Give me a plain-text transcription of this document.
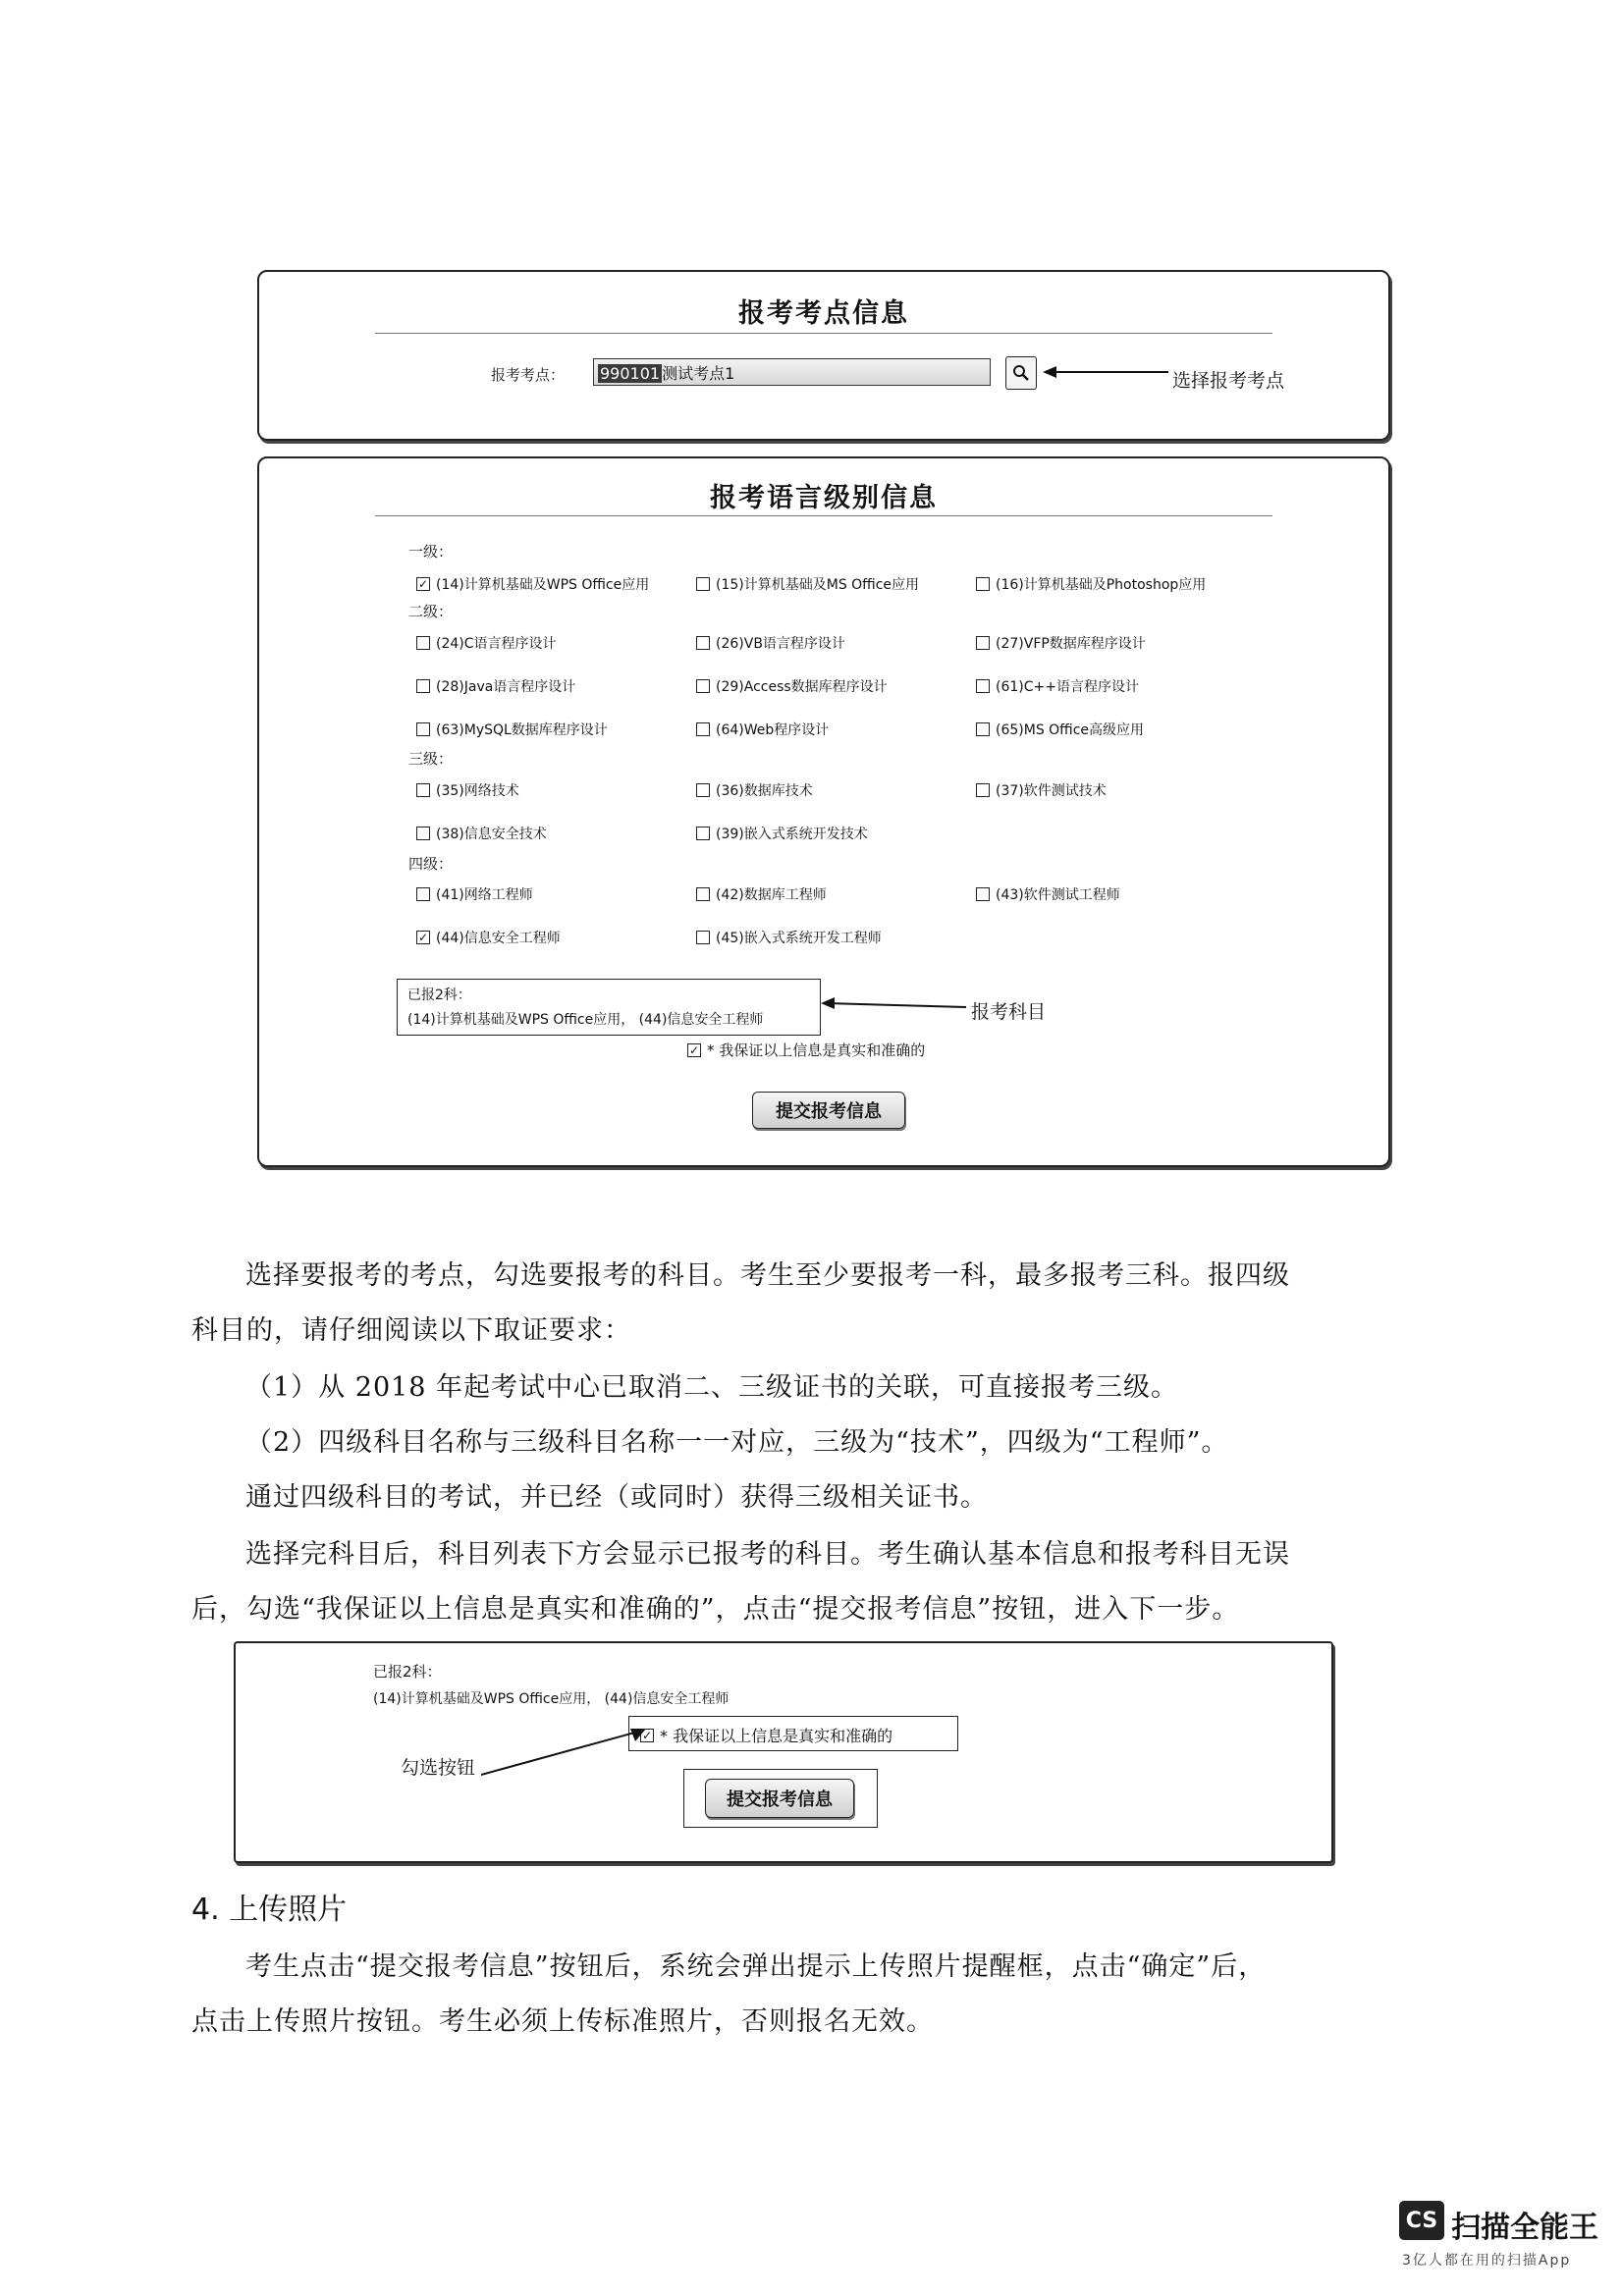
报考考点信息
报考考点：	990101 测试考点1	选择报考考点
报考语言级别信息
一级：
二级：
三级：
四级：
✓
(14)计算机基础及WPS Office应用	(15)计算机基础及MS Office应用	(16)计算机基础及Photoshop应用
(24)C语言程序设计	(26)VB语言程序设计	(27)VFP数据库程序设计
(28)Java语言程序设计	(29)Access数据库程序设计	(61)C++语言程序设计
(63)MySQL数据库程序设计	(64)Web程序设计	(65)MS Office高级应用
(35)网络技术	(36)数据库技术	(37)软件测试技术
(38)信息安全技术	(39)嵌入式系统开发技术
(41)网络工程师	(42)数据库工程师	(43)软件测试工程师
✓
(44)信息安全工程师	(45)嵌入式系统开发工程师
已报2科：
(14)计算机基础及WPS Office应用， (44)信息安全工程师	报考科目
✓
* 我保证以上信息是真实和准确的
提交报考信息
选择要报考的考点，勾选要报考的科目。考生至少要报考一科，最多报考三科。报四级
科目的，请仔细阅读以下取证要求：
（1）从 2018 年起考试中心已取消二、三级证书的关联，可直接报考三级。
（2）四级科目名称与三级科目名称一一对应，三级为“技术”，四级为“工程师”。
通过四级科目的考试，并已经（或同时）获得三级相关证书。
选择完科目后，科目列表下方会显示已报考的科目。考生确认基本信息和报考科目无误
后，勾选“我保证以上信息是真实和准确的”，点击“提交报考信息”按钮，进入下一步。
已报2科：
(14)计算机基础及WPS Office应用， (44)信息安全工程师
✓
* 我保证以上信息是真实和准确的
勾选按钮
提交报考信息
4. 上传照片
考生点击“提交报考信息”按钮后，系统会弹出提示上传照片提醒框，点击“确定”后，
点击上传照片按钮。考生必须上传标准照片，否则报名无效。
CS 扫描全能王
3亿人都在用的扫描App
